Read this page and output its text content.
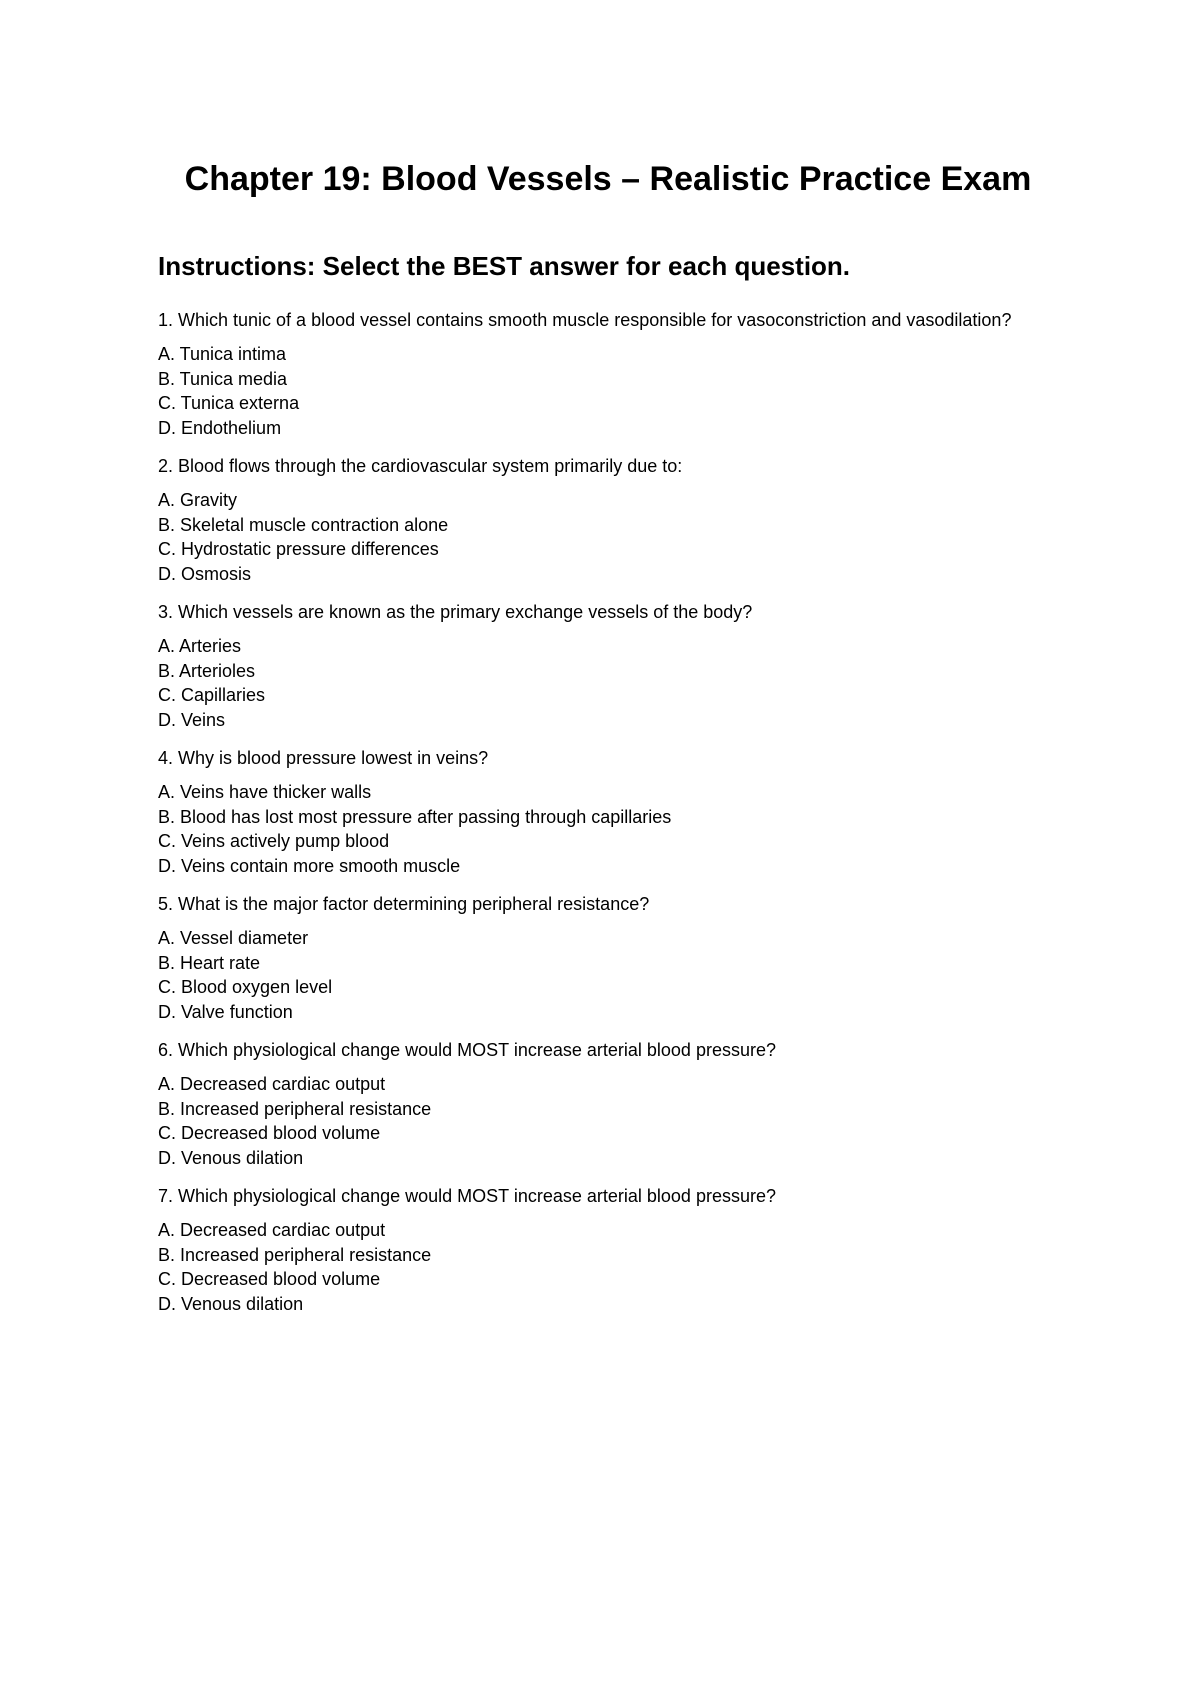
Chapter 19: Blood Vessels – Realistic Practice Exam
Instructions: Select the BEST answer for each question.
1. Which tunic of a blood vessel contains smooth muscle responsible for vasoconstriction and vasodilation?
A. Tunica intima
B. Tunica media
C. Tunica externa
D. Endothelium
2. Blood flows through the cardiovascular system primarily due to:
A. Gravity
B. Skeletal muscle contraction alone
C. Hydrostatic pressure differences
D. Osmosis
3. Which vessels are known as the primary exchange vessels of the body?
A. Arteries
B. Arterioles
C. Capillaries
D. Veins
4. Why is blood pressure lowest in veins?
A. Veins have thicker walls
B. Blood has lost most pressure after passing through capillaries
C. Veins actively pump blood
D. Veins contain more smooth muscle
5. What is the major factor determining peripheral resistance?
A. Vessel diameter
B. Heart rate
C. Blood oxygen level
D. Valve function
6. Which physiological change would MOST increase arterial blood pressure?
A. Decreased cardiac output
B. Increased peripheral resistance
C. Decreased blood volume
D. Venous dilation
7. Which physiological change would MOST increase arterial blood pressure?
A. Decreased cardiac output
B. Increased peripheral resistance
C. Decreased blood volume
D. Venous dilation
